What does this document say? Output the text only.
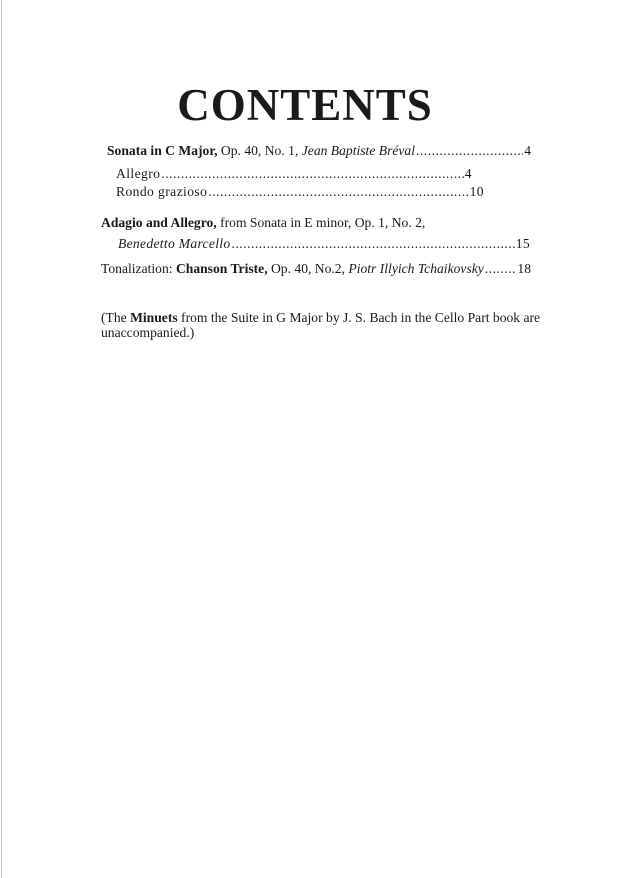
CONTENTS
Sonata in C Major, Op. 40, No. 1, Jean Baptiste Bréval .....	4
Allegro .....	4
Rondo grazioso .....	10
Adagio and Allegro, from Sonata in E minor, Op. 1, No. 2,
Benedetto Marcello .....	15
Tonalization: Chanson Triste, Op. 40, No.2, Piotr Illyich Tchaikovsky ..... 18

(The Minuets from the Suite in G Major by J. S. Bach in the Cello Part book are unaccompanied.)
